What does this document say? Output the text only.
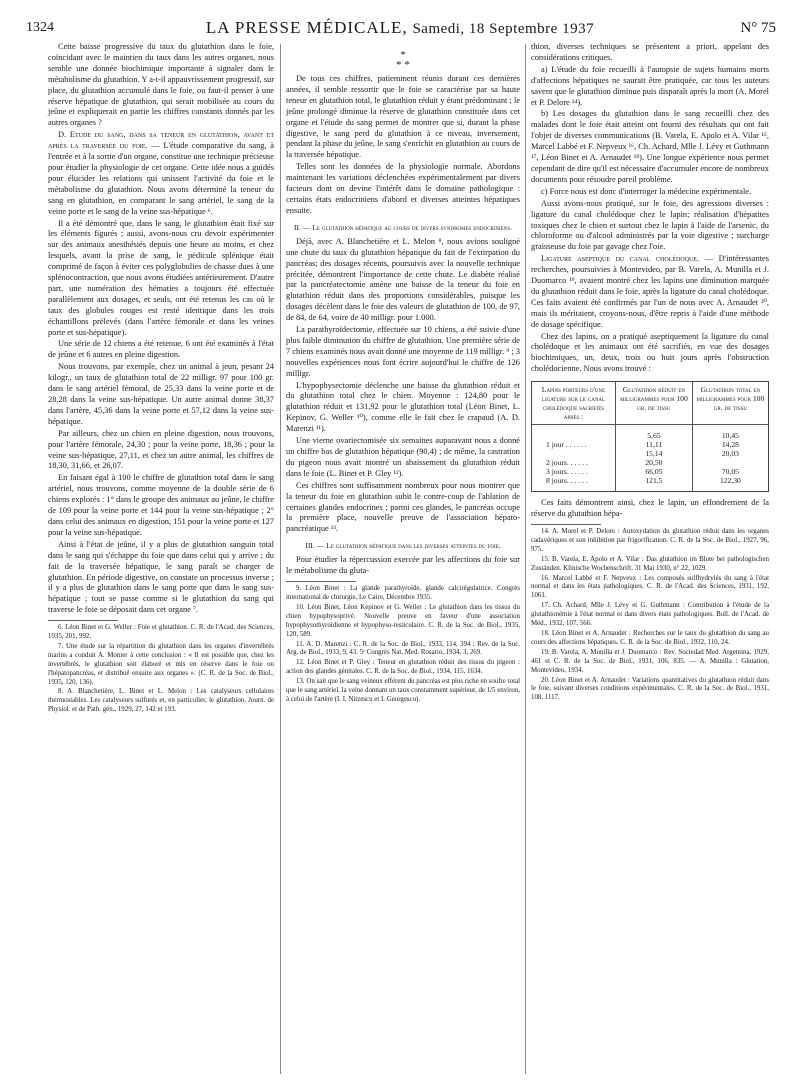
1324	LA PRESSE MÉDICALE, Samedi, 18 Septembre 1937	N° 75

Cette baisse progressive du taux du glutathion dans le foie, coïncidant avec le maintien du taux dans les autres organes, nous semble une donnée biochimique importante à signaler dans le métabolisme du glutathion. Y a-t-il appauvrissement progressif, sur place, du glutathion accumulé dans le foie, ou faut-il penser à une réserve hépatique de glutathion, qui serait mobilisée au cours du jeûne et expliquerait en partie les chiffres constants donnés par les autres organes ?

D. Etude du sang, dans sa teneur en glutathion, avant et après la traversée du foie. — L'étude comparative du sang, à l'entrée et à la sortie d'un organe, constitue une technique précieuse pour étudier la physiologie de cet organe. Cette idée nous a guidés pour élucider les relations qui unissent l'activité du foie et le métabolisme du glutathion. Nous avons déterminé la teneur du sang en glutathion, en comparant le sang artériel, le sang de la veine porte et le sang de la veine sus-hépatique ⁶.

Il a été démontré que, dans le sang, le glutathion était fixé sur les éléments figurés ; aussi, avons-nous cru devoir expérimenter sur des animaux anesthésiés depuis une heure au moins, et chez lesquels, avant la prise de sang, le pédicule splénique était comprimé de façon à éviter ces polyglobulies de chasse dues à une splénocontraction, que nous avons étudiées antérieurement. D'autre part, une numération des hématies a toujours été effectuée parallèlement aux dosages, et seuls, ont été retenus les cas où le taux des globules rouges est resté identique dans les trois échantillons prélevés (dans l'artère fémorale et dans les veines porte et sus-hépatique).

Une série de 12 chiens a été retenue, 6 ont été examinés à l'état de jeûne et 6 autres en pleine digestion.

Nous trouvons, par exemple, chez un animal à jeun, pesant 24 kilogr., un taux de glutathion total de 22 milligr. 97 pour 100 gr. dans le sang artériel fémoral, de 25,33 dans la veine porte et de 28,28 dans la veine sus-hépatique. Un autre animal donne 38,37 dans l'artère, 45,36 dans la veine porte et 57,12 dans la veine sus-hépatique.

Par ailleurs, chez un chien en pleine digestion, nous trouvons, pour l'artère fémorale, 24,30 ; pour la veine porte, 18,36 ; pour la veine sus-hépatique, 27,11, et chez un autre animal, les chiffres de 18,30, 31,66, et 26,07.

En faisant égal à 100 le chiffre de glutathion total dans le sang artériel, nous trouvons, comme moyenne de la double série de 6 chiens explorés : 1° dans le groupe des animaux au jeûne, le chiffre de 109 pour la veine porte et 144 pour la veine sus-hépatique ; 2° dans celui des animaux en digestion, 151 pour la veine porte et 127 pour la veine sus-hépatique.

Ainsi à l'état de jeûne, il y a plus de glutathion sanguin total dans le sang qui s'échappe du foie que dans celui qui y arrive ; du fait de la traversée hépatique, le sang paraît se charger de glutathion. En période digestive, on constate un processus inverse ; il y a plus de glutathion dans le sang porte que dans le sang sus-hépatique ; tout se passe comme si le glutathion du sang qui traverse le foie se déposait dans cet organe ⁷.

6. Léon Binet et G. Weller : Foie et glutathion. C. R. de l'Acad. des Sciences, 1935, 201, 992.

7. Une étude sur la répartition du glutathion dans les organes d'invertébrés marins a conduit A. Monier à cette conclusion : « Il est possible que, chez les invertébrés, le glutathion soit élaboré et mis en réserve dans le foie ou l'hépatopancréas, et distribué ensuite aux organes ». (C. R. de la Soc. de Biol., 1935, 120, 136).

8. A. Blanchetière, L. Binet et L. Melon : Les catalyseurs cellulaires thermostables. Les catalyseurs sulfurés et, en particulier, le glutathion. Journ. de Physiol. et de Path. gén., 1929, 27, 142 et 193.

*
* *

De tous ces chiffres, patiemment réunis durant ces dernières années, il semble ressortir que le foie se caractérise par sa haute teneur en glutathion total, le glutathion réduit y étant prédominant ; le jeûne prolongé diminue la réserve de glutathion constituée dans cet organe et l'étude du sang permet de montrer que si, durant la phase digestive, le sang perd du glutathion à ce niveau, inversement, pendant la phase du jeûne, le sang s'enrichit en glutathion au cours de la traversée hépatique.

Telles sont les données de la physiologie normale. Abordons maintenant les variations déclenchées expérimentalement par divers facteurs dont on devine l'intérêt dans le domaine pathologique : certains états endocriniens d'abord et diverses atteintes hépatiques ensuite.

II. — Le glutathion hépatique au cours de divers syndromes endocriniens.

Déjà, avec A. Blanchetière et L. Melon ⁸, nous avions souligné une chute du taux du glutathion hépatique du fait de l'extirpation du pancréas; des dosages récents, poursuivis avec la nouvelle technique précitée, démontrent l'importance de cette chute. Le diabète réalisé par la pancréatectomie amène une baisse de la teneur du foie en glutathion réduit dans des proportions considérables, puisque les dosages décèlent dans le foie des valeurs de glutathion de 100, de 97, de 84, de 64, voire de 40 milligr. pour 1.000.

La parathyroïdectomie, effectuée sur 10 chiens, a été suivie d'une plus faible diminution du chiffre de glutathion. Une première série de 7 chiens examinés nous avait donné une moyenne de 119 milligr. ⁹ ; 3 nouvelles expériences nous font écrire aujourd'hui le chiffre de 126 milligr.

L'hypophysectomie déclenche une baisse du glutathion réduit et du glutathion total chez le chien. Moyenne : 124,80 pour le glutathion réduit et 131,92 pour le glutathion total (Léon Binet, L. Kepinov, G. Weller ¹⁰), comme elle le fait chez le crapaud (A. D. Marenzi ¹¹).

Une vierne ovariectomisée six semaines auparavant nous a donné un chiffre bas de glutathion hépatique (90,4) ; de même, la castration du pigeon nous avait montré un abaissement du glutathion réduit dans le foie (L. Binet et P. Gley ¹²).

Ces chiffres sont suffisamment nombreux pour nous montrer que la teneur du foie en glutathion subit le contre-coup de l'ablation de certaines glandes endocrines ; parmi ces glandes, le pancréas occupe la première place, nouvelle preuve de l'association hépato-pancréatique ¹³.

III. — Le glutathion hépatique dans les diverses atteintes du foie.

Pour étudier la répercussion exercée par les affections du foie sur le métabolisme du gluta-

9. Léon Binet : La glande parathyroïde, glande calcirégulatrice. Congrès international de chirurgie, Le Caire, Décembre 1935.

10. Léon Binet, Léon Kepinov et G. Weller : Le glutathion dans les tissus du chien hypophysoprivé. Nouvelle preuve en faveur d'une association hypophysothyroïdienne et hypophyso-testiculaire. C. R. de la Soc. de Biol., 1935, 120, 589.

11. A. D. Marenzi : C. R. de la Soc. de Biol., 1933, 114, 394 ; Rev. de la Soc. Arg. de Biol., 1933, 9, 43. 5ᵉ Congrès Nat. Med. Rosario, 1934, 3, 269.

12. Léon Binet et P. Gley : Teneur en glutathion réduit des tissus du pigeon : action des glandes génitales. C. R. de la Soc. de Biol., 1934, 115, 1634.

13. On sait que le sang veineux efférent du pancréas est plus riche en soufre total que le sang artériel, la veine donnant un taux constamment supérieur, de 1/5 environ, à celui de l'artère (I. I. Nitzescu et I. Georgescu).

thion, diverses techniques se présentent a priori, appelant des considérations critiques.

a) L'étude du foie recueilli à l'autopsie de sujets humains morts d'affections hépatiques ne saurait être pratiquée, car tous les auteurs savent que le glutathion diminue puis disparaît après la mort (A. Morel et P. Delore ¹⁴).

b) Les dosages du glutathion dans le sang recueilli chez des malades dont le foie était atteint ont fourni des résultats qui ont fait l'objet de diverses communications (B. Varela, E. Apolo et A. Vilar ¹⁵, Marcel Labbé et F. Nepveux ¹⁶, Ch. Achard, Mlle J. Lévy et Guthmann ¹⁷, Léon Binet et A. Arnaudet ¹⁸). Une longue expérience nous permet cependant de dire qu'il est nécessaire d'accumuler encore de nombreux documents pour résoudre pareil problème.

c) Force nous est donc d'interroger la médecine expérimentale.

Aussi avons-nous pratiqué, sur le foie, des agressions diverses : ligature du canal cholédoque chez le lapin; réalisation d'hépatites toxiques chez le chien et surtout chez le lapin à l'aide de l'arsenic, du chloroforme ou d'alcool administrés par la voie digestive ; surcharge graisseuse du foie par gavage chez l'oie.

Ligature aseptique du canal cholédoque. — D'intéressantes recherches, poursuivies à Montevideo, par B. Varela, A. Munilla et J. Duomarco ¹⁹, avaient montré chez les lapins une diminution marquée du glutathion réduit dans le foie, après la ligature du canal cholédoque. Ces faits avaient été confirmés par l'un de nous avec A. Arnaudet ²⁰, mais ils méritaient, croyons-nous, d'être repris à l'aide d'une méthode de dosage spécifique.

Chez des lapins, on a pratiqué aseptiquement la ligature du canal cholédoque et les animaux ont été sacrifiés, en vue des dosages biochimiques, un, deux, trois ou huit jours après l'obstruction cholédocienne. Nous avons trouvé :

Lapins porteurs d'une ligature sur le canal cholédoque sacrifiés après :	Glutathion réduit en milligrammes pour 100 gr. de tissu	Glutathion total en milligrammes pour 100 gr. de tissu
	5,65	10,45
1 jour . . . . . .	11,11	14,28
	15,14	20,03
2 jours. . . . . .	20,50	
3 jours. . . . . .	66,05	70,05
8 jours. . . . . .	121,5	122,30

Ces faits démontrent ainsi, chez le lapin, un effondrement de la réserve du glutathion hépa-

14. A. Morel et P. Delore : Autoxydation du glutathion réduit dans les organes cadavériques et son inhibition par frigorification. C. R. de la Soc. de Biol., 1927, 96, 975.

15. B. Varela, E. Apolo et A. Vilar : Das glutathion im Blute bei pathologischen Zuständen. Klinische Wochenschrift, 31 Mai 1930, n° 22, 1029.

16. Marcel Labbé et F. Nepveux : Les composés sulfhydrylés du sang à l'état normal et dans les états pathologiques. C. R. de l'Acad. des Sciences, 1931, 192, 1061.

17. Ch. Achard, Mlle J. Lévy et G. Guthmann : Contribution à l'étude de la glutathionémie à l'état normal et dans divers états pathologiques. Bull. de l'Acad. de Méd., 1932, 107, 566.

18. Léon Binet et A. Arnaudet : Recherches sur le taux du glutathion du sang au cours des affections hépatiques. C. R. de la Soc. de Biol., 1932, 110, 24.

19. B. Varela, A. Munilla et J. Duomarco : Rev. Sociedad Med. Argentina, 1929, 461 et C. R. de la Soc. de Biol., 1931, 106, 835. — A. Munilla : Glutation, Montevideo, 1934.

20. Léon Binet et A. Arnaudet : Variations quantitatives du glutathion réduit dans le foie, suivant diverses conditions expérimentales. C. R. de la Soc. de Biol., 1931, 108, 1117.
